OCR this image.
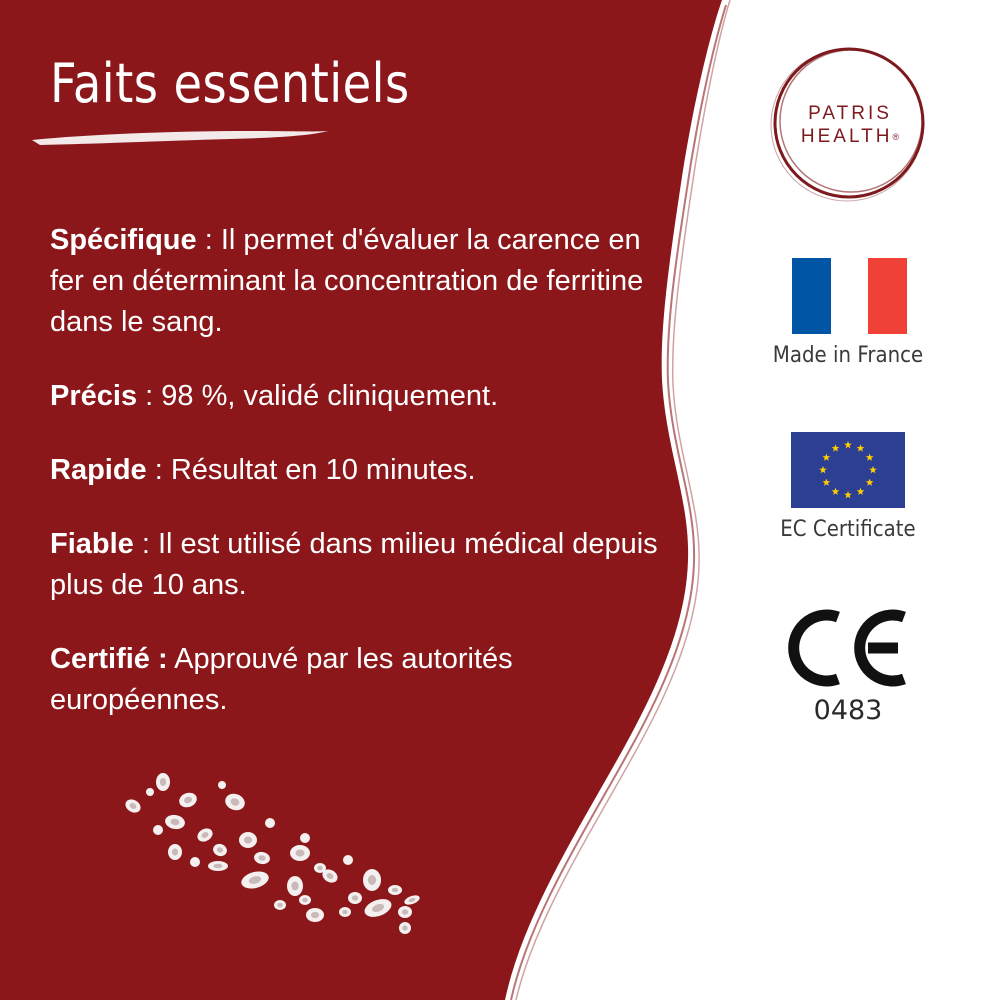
Faits essentiels
Spécifique : Il permet d'évaluer la carence en fer en déterminant la concentration de ferritine dans le sang.
Précis : 98 %, validé cliniquement.
Rapide : Résultat en 10 minutes.
Fiable : Il est utilisé dans milieu médical depuis plus de 10 ans.
Certifié : Approuvé par les autorités européennes.
PATRIS
HEALTH®
Made in France
EC Certificate
0483
